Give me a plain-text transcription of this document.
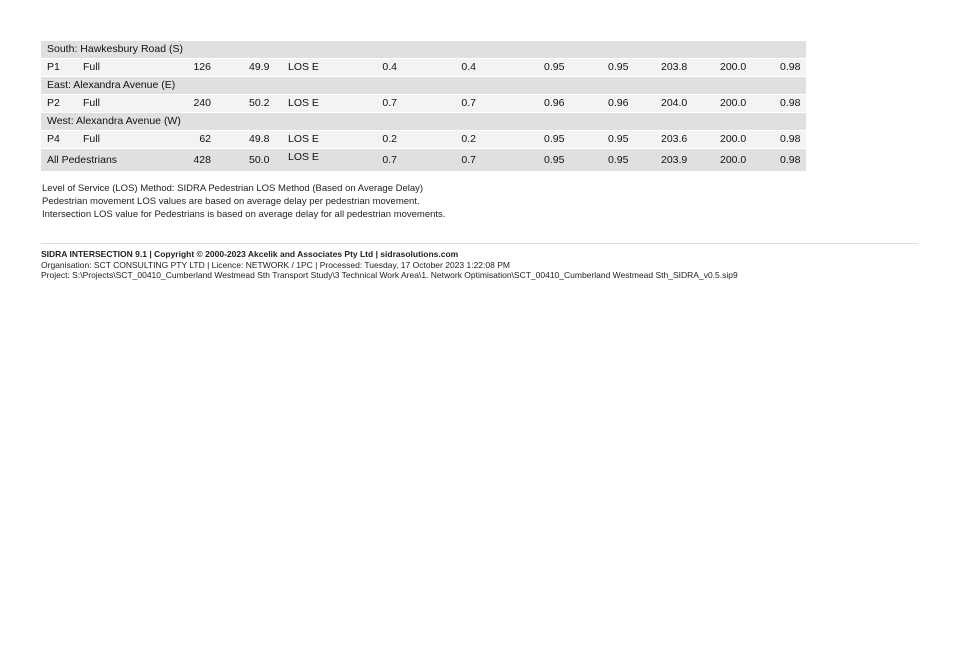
South: Hawkesbury Road (S)
P1 Full	126	49.9 LOS E	0.4	0.4	0.95	0.95	203.8	200.0	0.98
East: Alexandra Avenue (E)
P2 Full	240	50.2 LOS E	0.7	0.7	0.96	0.96	204.0	200.0	0.98
West: Alexandra Avenue (W)
P4 Full	62	49.8 LOS E	0.2	0.2	0.95	0.95	203.6	200.0	0.98
All Pedestrians	428	50.0 LOS E	0.7	0.7	0.95	0.95	203.9	200.0	0.98
Level of Service (LOS) Method: SIDRA Pedestrian LOS Method (Based on Average Delay)
Pedestrian movement LOS values are based on average delay per pedestrian movement.
Intersection LOS value for Pedestrians is based on average delay for all pedestrian movements.
SIDRA INTERSECTION 9.1 | Copyright © 2000-2023 Akcelik and Associates Pty Ltd | sidrasolutions.com
Organisation: SCT CONSULTING PTY LTD | Licence: NETWORK / 1PC | Processed: Tuesday, 17 October 2023 1:22:08 PM
Project: S:\Projects\SCT_00410_Cumberland Westmead Sth Transport Study\3 Technical Work Area\1. Network Optimisation\SCT_00410_Cumberland Westmead Sth_SIDRA_v0.5.sip9
